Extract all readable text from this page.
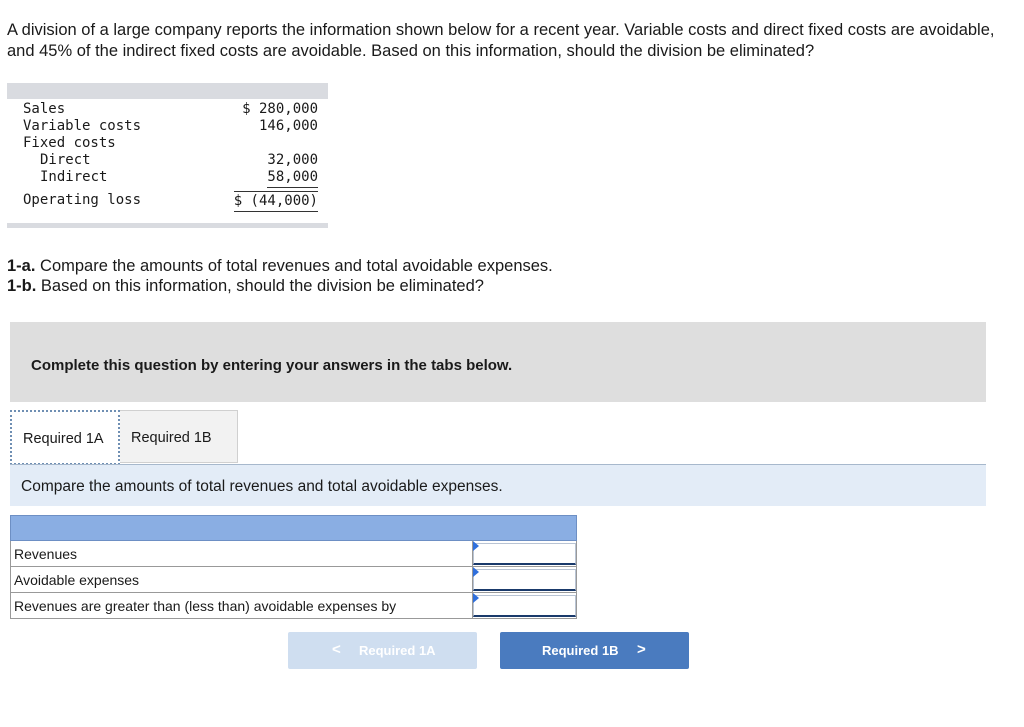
A division of a large company reports the information shown below for a recent year. Variable costs and direct fixed costs are avoidable, and 45% of the indirect fixed costs are avoidable. Based on this information, should the division be eliminated?
Sales	$ 280,000
Variable costs	146,000
Fixed costs
Direct	32,000
Indirect	58,000
Operating loss	$ (44,000)
1-a. Compare the amounts of total revenues and total avoidable expenses.
1-b. Based on this information, should the division be eliminated?
Complete this question by entering your answers in the tabs below.
Required 1A	Required 1B
Compare the amounts of total revenues and total avoidable expenses.

Revenues	

Avoidable expenses	

Revenues are greater than (less than) avoidable expenses by	
< Required 1A	Required 1B >
